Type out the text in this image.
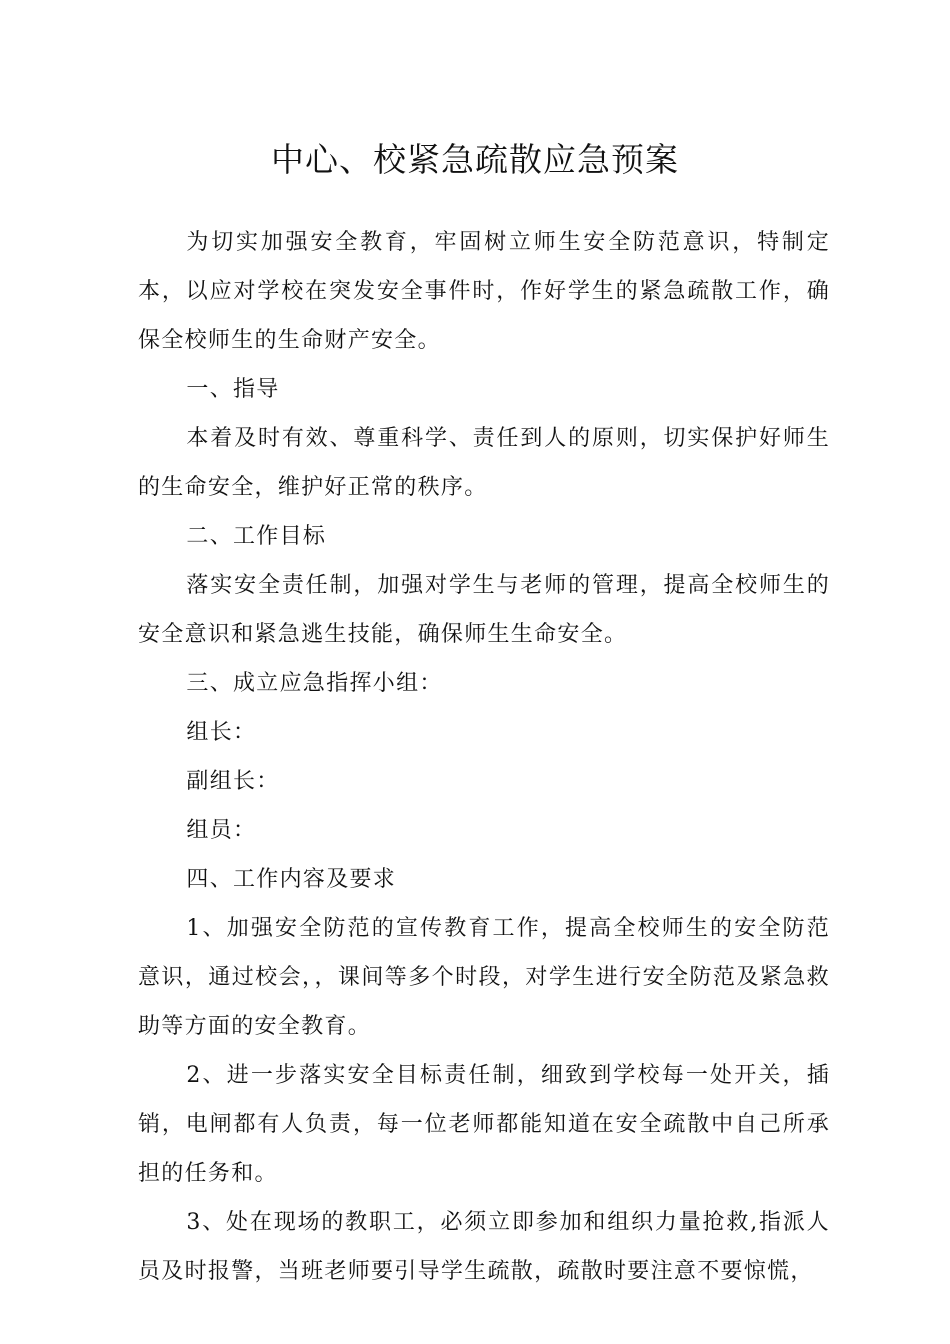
中心、校紧急疏散应急预案

为切实加强安全教育，牢固树立师生安全防范意识，特制定本，以应对学校在突发安全事件时，作好学生的紧急疏散工作，确保全校师生的生命财产安全。

一、指导

本着及时有效、尊重科学、责任到人的原则，切实保护好师生的生命安全，维护好正常的秩序。

二、工作目标

落实安全责任制，加强对学生与老师的管理，提高全校师生的安全意识和紧急逃生技能，确保师生生命安全。

三、成立应急指挥小组：

组长：

副组长：

组员：

四、工作内容及要求

1、加强安全防范的宣传教育工作，提高全校师生的安全防范意识，通过校会，，课间等多个时段，对学生进行安全防范及紧急救助等方面的安全教育。

2、进一步落实安全目标责任制，细致到学校每一处开关，插销，电闸都有人负责，每一位老师都能知道在安全疏散中自己所承担的任务和。

3、处在现场的教职工，必须立即参加和组织力量抢救,指派人员及时报警，当班老师要引导学生疏散，疏散时要注意不要惊慌，
